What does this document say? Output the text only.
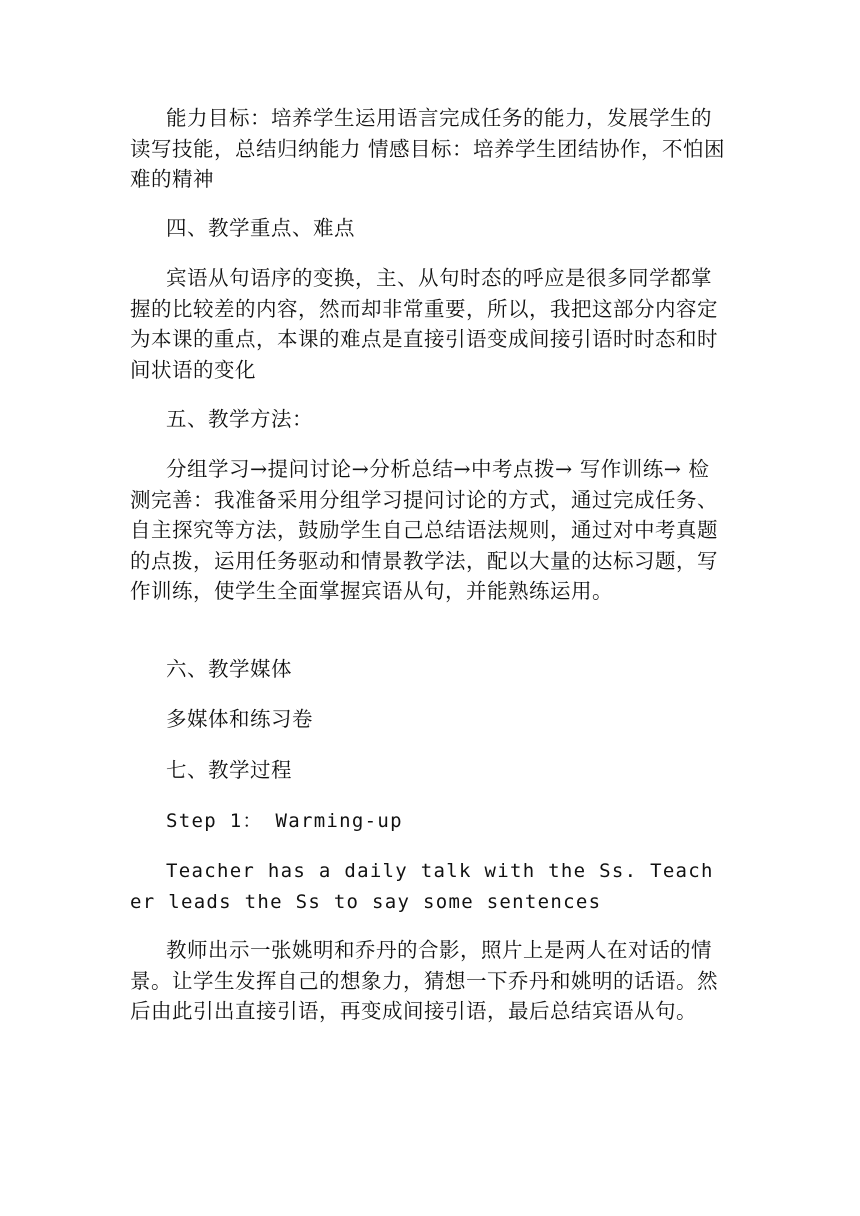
能力目标：培养学生运用语言完成任务的能力，发展学生的读写技能，总结归纳能力 情感目标：培养学生团结协作，不怕困难的精神

四、教学重点、难点

宾语从句语序的变换，主、从句时态的呼应是很多同学都掌握的比较差的内容，然而却非常重要，所以，我把这部分内容定为本课的重点，本课的难点是直接引语变成间接引语时时态和时间状语的变化

五、教学方法：

分组学习→提问讨论→分析总结→中考点拨→ 写作训练→ 检测完善：我准备采用分组学习提问讨论的方式，通过完成任务、自主探究等方法，鼓励学生自己总结语法规则，通过对中考真题的点拨，运用任务驱动和情景教学法，配以大量的达标习题，写作训练，使学生全面掌握宾语从句，并能熟练运用。

六、教学媒体

多媒体和练习卷

七、教学过程

Step 1： Warming-up

Teacher has a daily talk with the Ss. Teacher leads the Ss to say some sentences

教师出示一张姚明和乔丹的合影，照片上是两人在对话的情景。让学生发挥自己的想象力，猜想一下乔丹和姚明的话语。然后由此引出直接引语，再变成间接引语，最后总结宾语从句。
